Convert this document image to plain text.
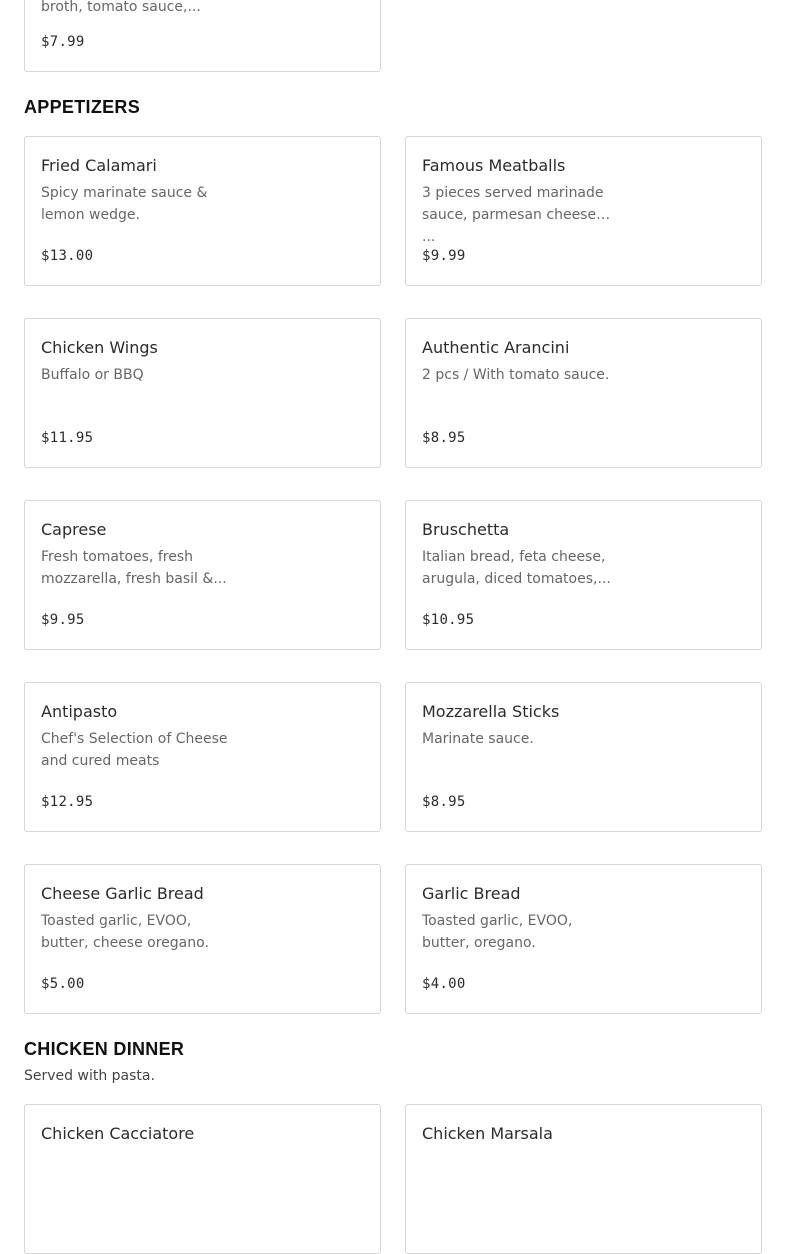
broth, tomato sauce,...
$7.99
APPETIZERS
Fried Calamari
Spicy marinate sauce & lemon wedge.
$13.00
Famous Meatballs
3 pieces served marinade sauce, parmesan cheese ...
$9.99
Chicken Wings
Buffalo or BBQ
$11.95
Authentic Arancini
2 pcs / With tomato sauce.
$8.95
Caprese
Fresh tomatoes, fresh mozzarella, fresh basil &...
$9.95
Bruschetta
Italian bread, feta cheese, arugula, diced tomatoes,...
$10.95
Antipasto
Chef's Selection of Cheese and cured meats
$12.95
Mozzarella Sticks
Marinate sauce.
$8.95
Cheese Garlic Bread
Toasted garlic, EVOO, butter, cheese oregano.
$5.00
Garlic Bread
Toasted garlic, EVOO, butter, oregano.
$4.00
CHICKEN DINNER
Served with pasta.
Chicken Cacciatore	Chicken Marsala
